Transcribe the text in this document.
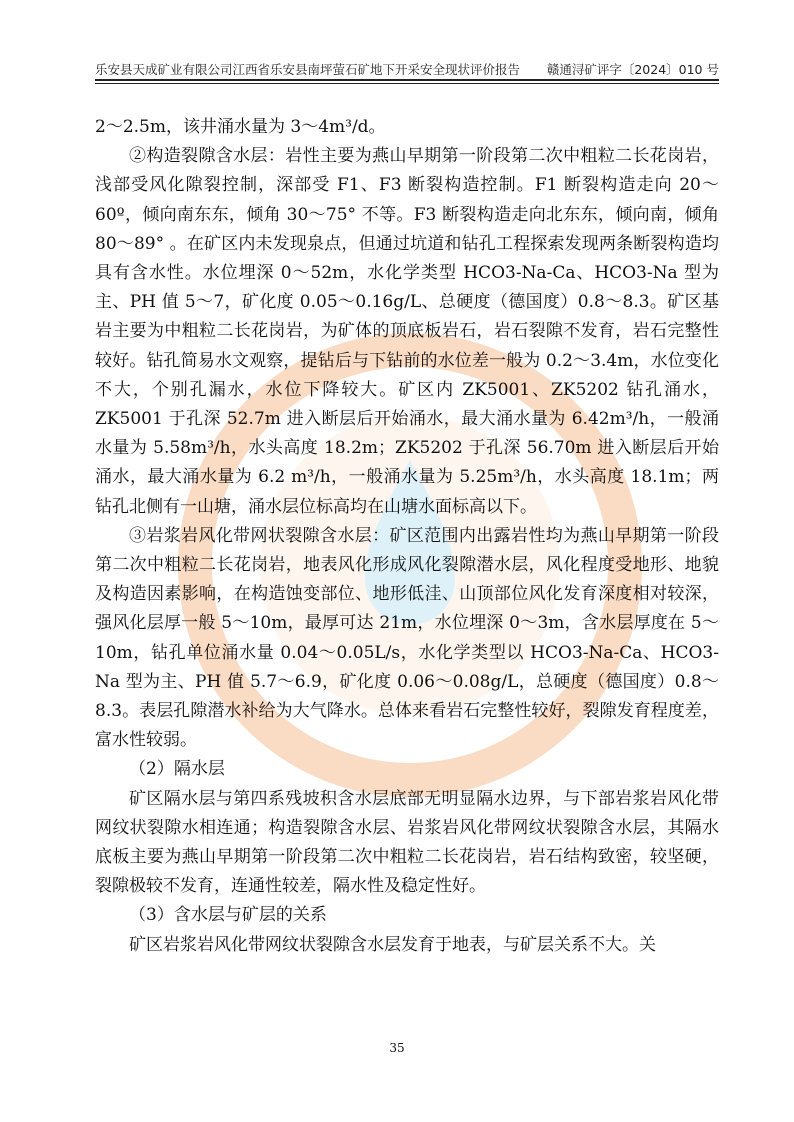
乐安县天成矿业有限公司江西省乐安县南坪萤石矿地下开采安全现状评价报告 赣通浔矿评字〔2024〕010 号

2～2.5m，该井涌水量为 3～4m³/d。

②构造裂隙含水层：岩性主要为燕山早期第一阶段第二次中粗粒二长花岗岩，浅部受风化隙裂控制，深部受 F1、F3 断裂构造控制。F1 断裂构造走向 20～60º，倾向南东东，倾角 30～75° 不等。F3 断裂构造走向北东东，倾向南，倾角 80～89° 。在矿区内未发现泉点，但通过坑道和钻孔工程探索发现两条断裂构造均具有含水性。水位埋深 0～52m，水化学类型 HCO3-Na-Ca、HCO3-Na 型为主、PH 值 5～7，矿化度 0.05～0.16g/L、总硬度（德国度）0.8～8.3。矿区基岩主要为中粗粒二长花岗岩，为矿体的顶底板岩石，岩石裂隙不发育，岩石完整性较好。钻孔简易水文观察，提钻后与下钻前的水位差一般为 0.2～3.4m，水位变化不大，个别孔漏水，水位下降较大。矿区内 ZK5001、ZK5202 钻孔涌水，ZK5001 于孔深 52.7m 进入断层后开始涌水，最大涌水量为 6.42m³/h，一般涌水量为 5.58m³/h，水头高度 18.2m；ZK5202 于孔深 56.70m 进入断层后开始涌水，最大涌水量为 6.2 m³/h，一般涌水量为 5.25m³/h，水头高度 18.1m；两钻孔北侧有一山塘，涌水层位标高均在山塘水面标高以下。

③岩浆岩风化带网状裂隙含水层：矿区范围内出露岩性均为燕山早期第一阶段第二次中粗粒二长花岗岩，地表风化形成风化裂隙潜水层，风化程度受地形、地貌及构造因素影响，在构造蚀变部位、地形低洼、山顶部位风化发育深度相对较深，强风化层厚一般 5～10m，最厚可达 21m，水位埋深 0～3m，含水层厚度在 5～10m，钻孔单位涌水量 0.04～0.05L/s，水化学类型以 HCO3-Na-Ca、HCO3-Na 型为主、PH 值 5.7～6.9，矿化度 0.06～0.08g/L，总硬度（德国度）0.8～8.3。表层孔隙潜水补给为大气降水。总体来看岩石完整性较好，裂隙发育程度差，富水性较弱。

（2）隔水层

矿区隔水层与第四系残坡积含水层底部无明显隔水边界，与下部岩浆岩风化带网纹状裂隙水相连通；构造裂隙含水层、岩浆岩风化带网纹状裂隙含水层，其隔水底板主要为燕山早期第一阶段第二次中粗粒二长花岗岩，岩石结构致密，较坚硬，裂隙极较不发育，连通性较差，隔水性及稳定性好。

（3）含水层与矿层的关系

矿区岩浆岩风化带网纹状裂隙含水层发育于地表，与矿层关系不大。关

35
